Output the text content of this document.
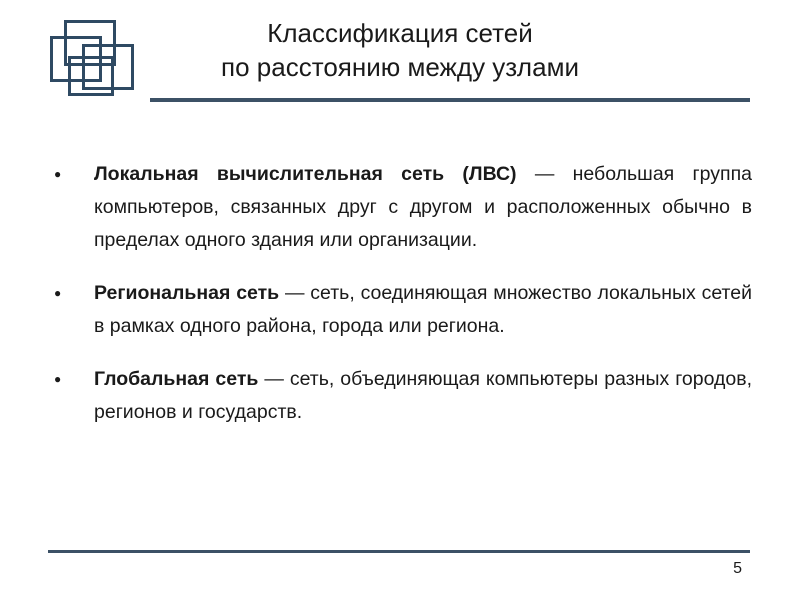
Классификация сетей
по расстоянию между узлами
● Локальная вычислительная сеть (ЛВС) — небольшая группа компьютеров, связанных друг с другом и расположенных обычно в пределах одного здания или организации.
● Региональная сеть — сеть, соединяющая множество локальных сетей в рамках одного района, города или региона.
● Глобальная сеть — сеть, объединяющая компьютеры разных городов, регионов и государств.
5
